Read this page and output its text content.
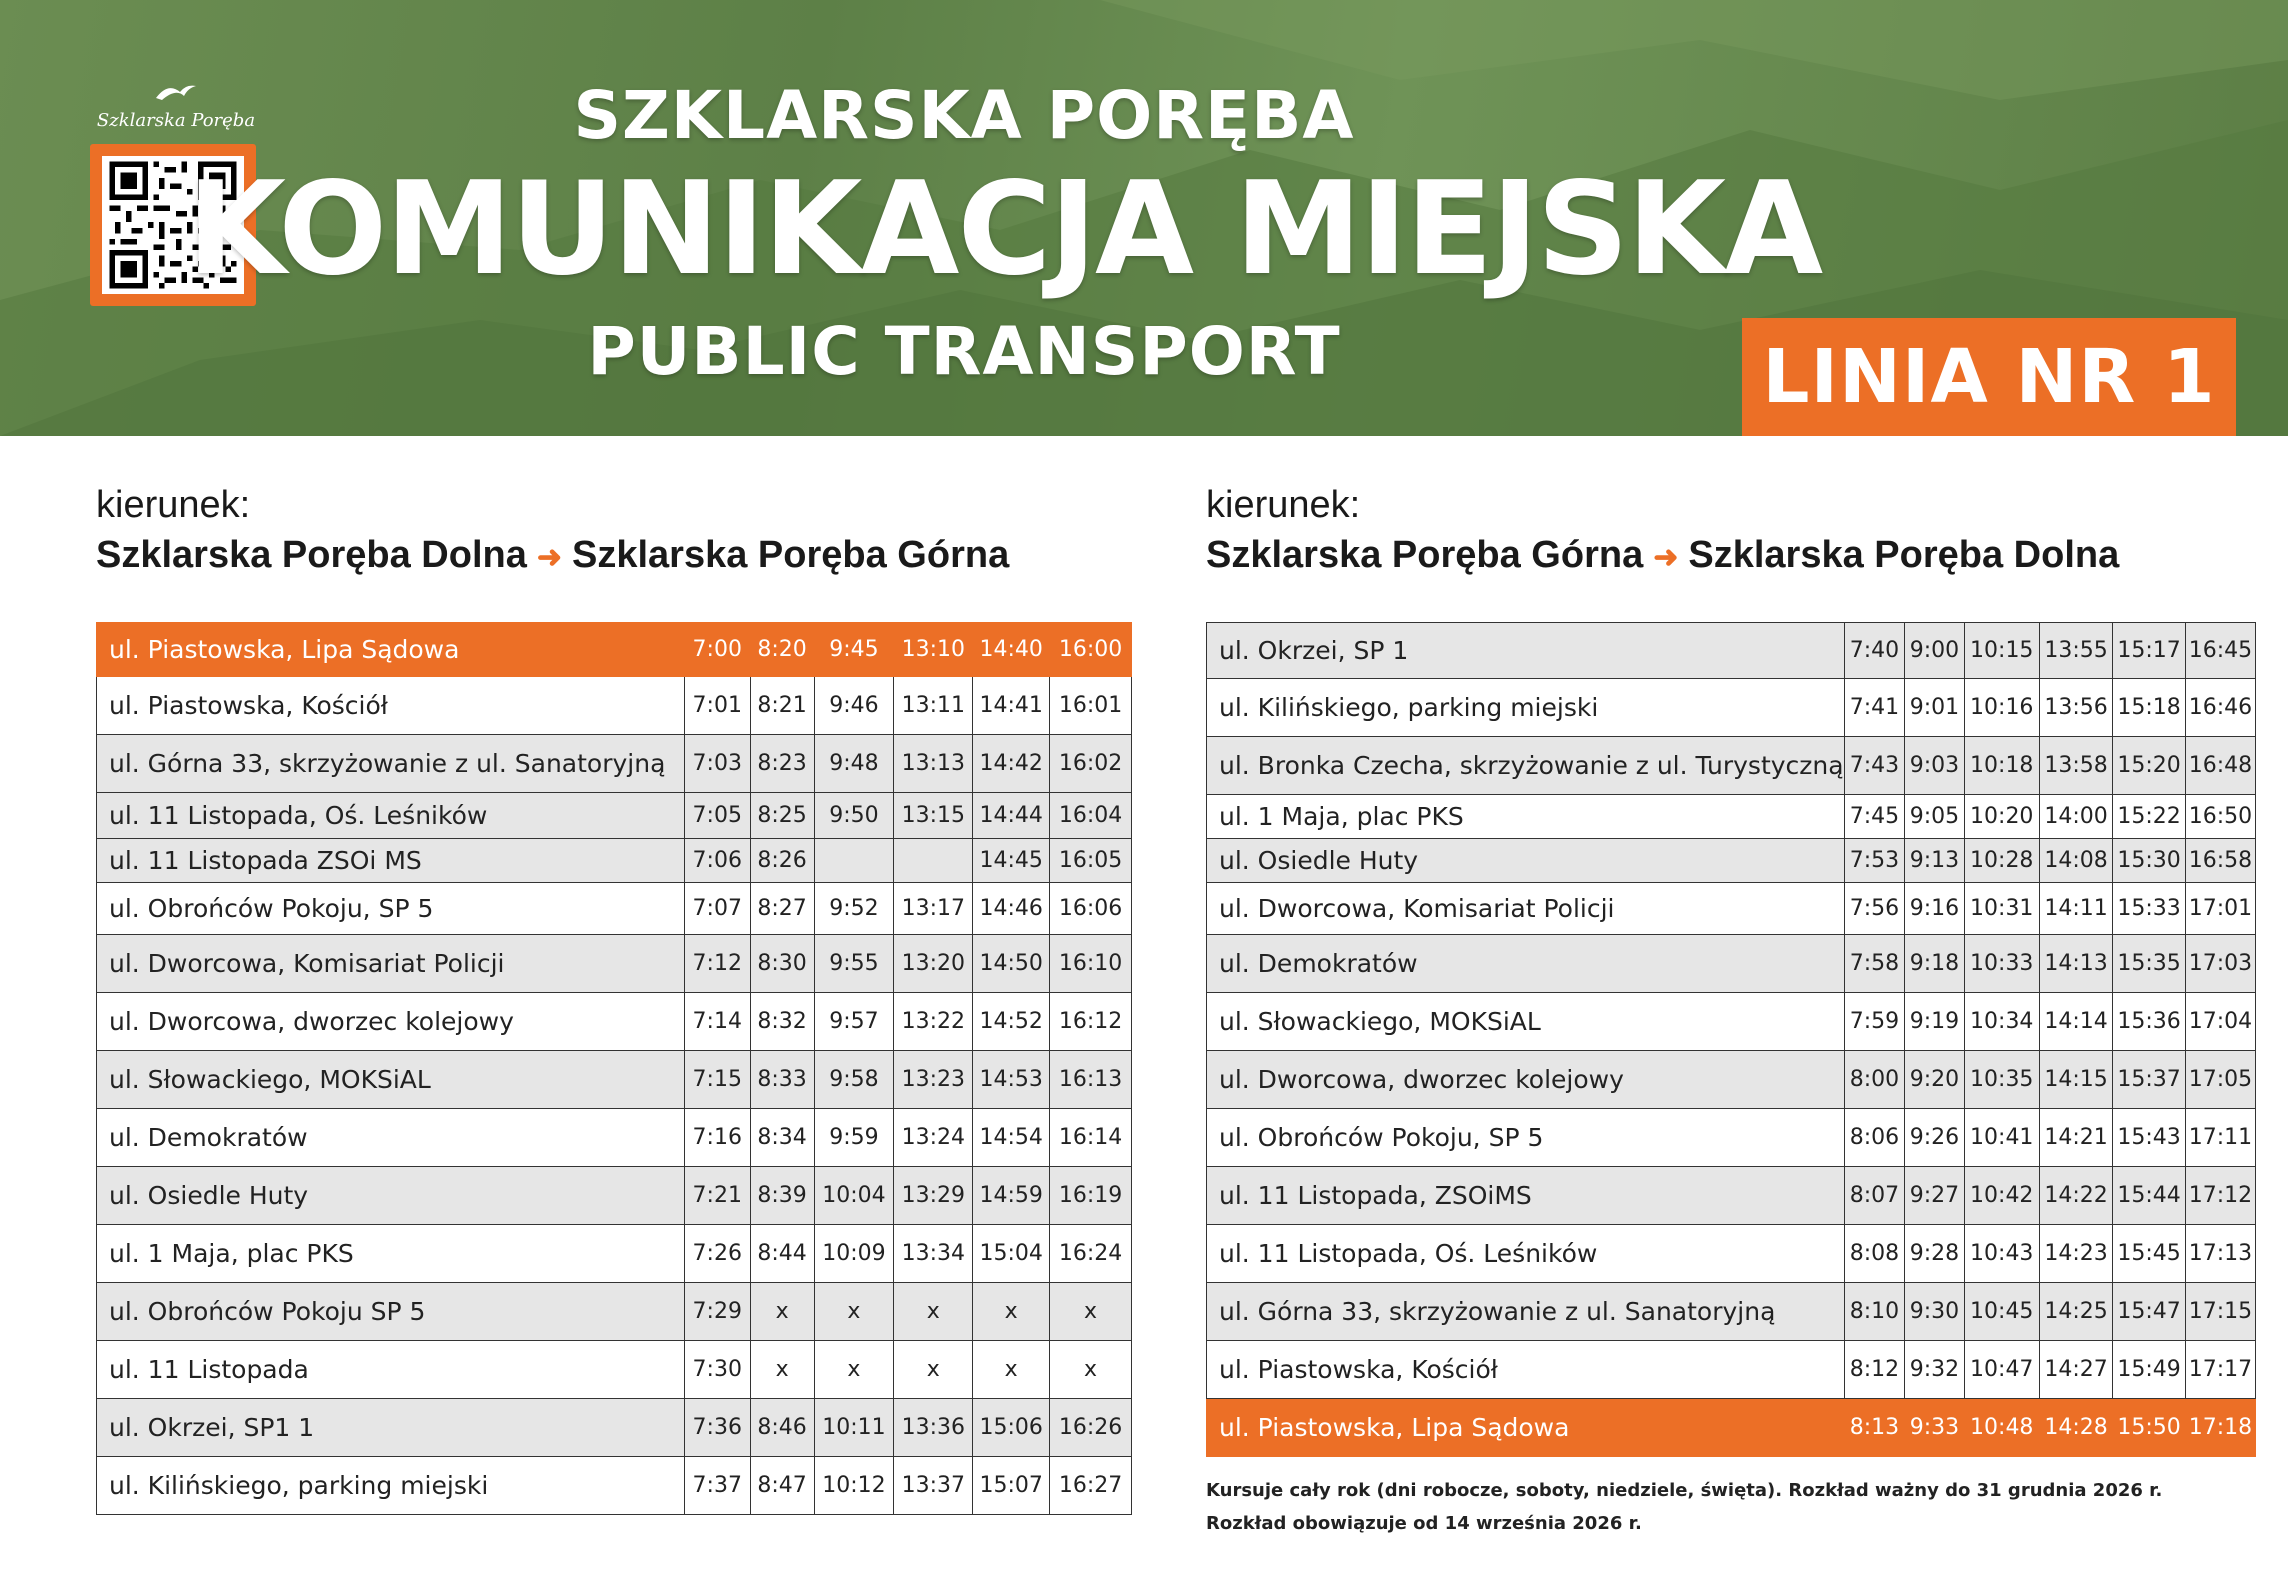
Szklarska Poręba	SZKLARSKA PORĘBA
KOMUNIKACJA MIEJSKA
PUBLIC TRANSPORT	LINIA NR 1
kierunek:
Szklarska Poręba Dolna ➜ Szklarska Poręba Górna
ul. Piastowska, Lipa Sądowa	7:00	8:20	9:45	13:10	14:40	16:00
ul. Piastowska, Kościół	7:01	8:21	9:46	13:11	14:41	16:01
ul. Górna 33, skrzyżowanie z ul. Sanatoryjną	7:03	8:23	9:48	13:13	14:42	16:02
ul. 11 Listopada, Oś. Leśników	7:05	8:25	9:50	13:15	14:44	16:04
ul. 11 Listopada ZSOi MS	7:06	8:26			14:45	16:05
ul. Obrońców Pokoju, SP 5	7:07	8:27	9:52	13:17	14:46	16:06
ul. Dworcowa, Komisariat Policji	7:12	8:30	9:55	13:20	14:50	16:10
ul. Dworcowa, dworzec kolejowy	7:14	8:32	9:57	13:22	14:52	16:12
ul. Słowackiego, MOKSiAL	7:15	8:33	9:58	13:23	14:53	16:13
ul. Demokratów	7:16	8:34	9:59	13:24	14:54	16:14
ul. Osiedle Huty	7:21	8:39	10:04	13:29	14:59	16:19
ul. 1 Maja, plac PKS	7:26	8:44	10:09	13:34	15:04	16:24
ul. Obrońców Pokoju SP 5	7:29	x	x	x	x	x
ul. 11 Listopada	7:30	x	x	x	x	x
ul. Okrzei, SP1 1	7:36	8:46	10:11	13:36	15:06	16:26
ul. Kilińskiego, parking miejski	7:37	8:47	10:12	13:37	15:07	16:27
kierunek:
Szklarska Poręba Górna ➜ Szklarska Poręba Dolna
ul. Okrzei, SP 1	7:40	9:00	10:15	13:55	15:17	16:45
ul. Kilińskiego, parking miejski	7:41	9:01	10:16	13:56	15:18	16:46
ul. Bronka Czecha, skrzyżowanie z ul. Turystyczną	7:43	9:03	10:18	13:58	15:20	16:48
ul. 1 Maja, plac PKS	7:45	9:05	10:20	14:00	15:22	16:50
ul. Osiedle Huty	7:53	9:13	10:28	14:08	15:30	16:58
ul. Dworcowa, Komisariat Policji	7:56	9:16	10:31	14:11	15:33	17:01
ul. Demokratów	7:58	9:18	10:33	14:13	15:35	17:03
ul. Słowackiego, MOKSiAL	7:59	9:19	10:34	14:14	15:36	17:04
ul. Dworcowa, dworzec kolejowy	8:00	9:20	10:35	14:15	15:37	17:05
ul. Obrońców Pokoju, SP 5	8:06	9:26	10:41	14:21	15:43	17:11
ul. 11 Listopada, ZSOiMS	8:07	9:27	10:42	14:22	15:44	17:12
ul. 11 Listopada, Oś. Leśników	8:08	9:28	10:43	14:23	15:45	17:13
ul. Górna 33, skrzyżowanie z ul. Sanatoryjną	8:10	9:30	10:45	14:25	15:47	17:15
ul. Piastowska, Kościół	8:12	9:32	10:47	14:27	15:49	17:17
ul. Piastowska, Lipa Sądowa	8:13	9:33	10:48	14:28	15:50	17:18
Kursuje cały rok (dni robocze, soboty, niedziele, święta). Rozkład ważny do 31 grudnia 2026 r.
Rozkład obowiązuje od 14 września 2026 r.
